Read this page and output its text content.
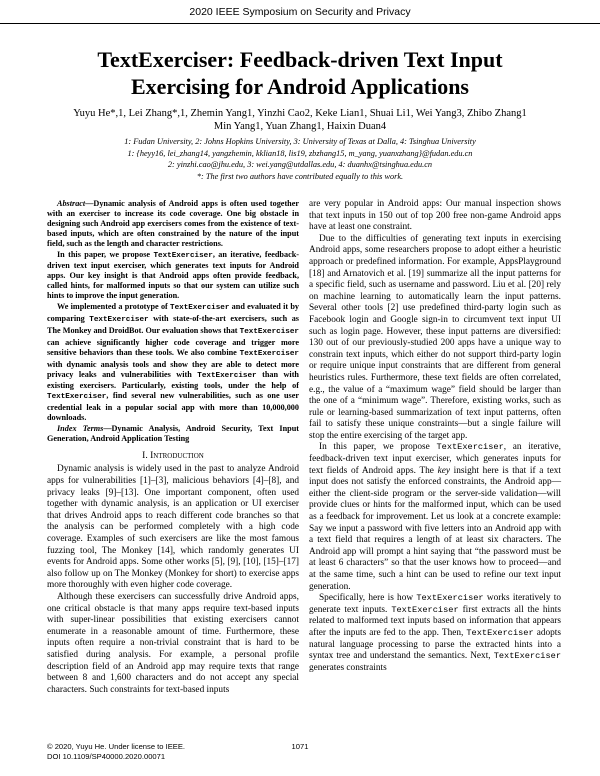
2020 IEEE Symposium on Security and Privacy
TextExerciser: Feedback-driven Text Input
Exercising for Android Applications
Yuyu He*,1, Lei Zhang*,1, Zhemin Yang1, Yinzhi Cao2, Keke Lian1, Shuai Li1, Wei Yang3, Zhibo Zhang1
Min Yang1, Yuan Zhang1, Haixin Duan4
1: Fudan University, 2: Johns Hopkins University, 3: University of Texas at Dalla, 4: Tsinghua University
1: {heyy16, lei_zhang14, yangzhemin, kklian18, lis19, zbzhang15, m_yang, yuanxzhang}@fudan.edu.cn
2: yinzhi.cao@jhu.edu, 3: wei.yang@utdallas.edu, 4: duanhx@tsinghua.edu.cn
*: The first two authors have contributed equally to this work.

Abstract—Dynamic analysis of Android apps is often used together with an exerciser to increase its code coverage. One big obstacle in designing such Android app exercisers comes from the existence of text-based inputs, which are often constrained by the nature of the input field, such as the length and character restrictions.

In this paper, we propose TextExerciser, an iterative, feedback-driven text input exerciser, which generates text inputs for Android apps. Our key insight is that Android apps often provide feedback, called hints, for malformed inputs so that our system can utilize such hints to improve the input generation.

We implemented a prototype of TextExerciser and evaluated it by comparing TextExerciser with state-of-the-art exercisers, such as The Monkey and DroidBot. Our evaluation shows that TextExerciser can achieve significantly higher code coverage and trigger more sensitive behaviors than these tools. We also combine TextExerciser with dynamic analysis tools and show they are able to detect more privacy leaks and vulnerabilities with TextExerciser than with existing exercisers. Particularly, existing tools, under the help of TextExerciser, find several new vulnerabilities, such as one user credential leak in a popular social app with more than 10,000,000 downloads.

Index Terms—Dynamic Analysis, Android Security, Text Input Generation, Android Application Testing

I. Introduction

Dynamic analysis is widely used in the past to analyze Android apps for vulnerabilities [1]–[3], malicious behaviors [4]–[8], and privacy leaks [9]–[13]. One important component, often used together with dynamic analysis, is an application or UI exerciser that drives Android apps to reach different code branches so that the analysis can be performed completely with a high code coverage. Examples of such exercisers are like the most famous fuzzing tool, The Monkey [14], which randomly generates UI events for Android apps. Some other works [5], [9], [10], [15]–[17] also follow up on The Monkey (Monkey for short) to exercise apps more thoroughly with even higher code coverage.

Although these exercisers can successfully drive Android apps, one critical obstacle is that many apps require text-based inputs with super-linear possibilities that existing exercisers cannot enumerate in a reasonable amount of time. Furthermore, these inputs often require a non-trivial constraint that is hard to be satisfied during analysis. For example, a personal profile description field of an Android app may require texts that range between 8 and 1,600 characters and do not accept any special characters. Such constraints for text-based inputs

are very popular in Android apps: Our manual inspection shows that text inputs in 150 out of top 200 free non-game Android apps have at least one constraint.

Due to the difficulties of generating text inputs in exercising Android apps, some researchers propose to adopt either a heuristic approach or predefined information. For example, AppsPlayground [18] and Arnatovich et al. [19] summarize all the input patterns for a specific field, such as username and password. Liu et al. [20] rely on machine learning to automatically learn the input patterns. Several other tools [2] use predefined third-party login such as Facebook login and Google sign-in to circumvent text input UI such as login page. However, these input patterns are diversified: 130 out of our previously-studied 200 apps have a unique way to constrain text inputs, which either do not support third-party login or require unique input constraints that are different from general heuristics rules. Furthermore, these text fields are often correlated, e.g., the value of a “maximum wage” field should be larger than the one of a “minimum wage”. Therefore, existing works, such as rule or learning-based summarization of text input patterns, often fail to satisfy these unique constraints—but a single failure will stop the entire exercising of the target app.

In this paper, we propose TextExerciser, an iterative, feedback-driven text input exerciser, which generates inputs for text fields of Android apps. The key insight here is that if a text input does not satisfy the enforced constraints, the Android app—either the client-side program or the server-side validation—will provide clues or hints for the malformed input, which can be used as a feedback for improvement. Let us look at a concrete example: Say we input a password with five letters into an Android app with a text field that requires a length of at least six characters. The Android app will prompt a hint saying that “the password must be at least 6 characters” so that the user knows how to proceed—and at the same time, such a hint can be used to refine our text input generation.

Specifically, here is how TextExerciser works iteratively to generate text inputs. TextExerciser first extracts all the hints related to malformed text inputs based on information that appears after the inputs are fed to the app. Then, TextExerciser adopts natural language processing to parse the extracted hints into a syntax tree and understand the semantics. Next, TextExerciser generates constraints

© 2020, Yuyu He. Under license to IEEE.
DOI 10.1109/SP40000.2020.00071
1071
